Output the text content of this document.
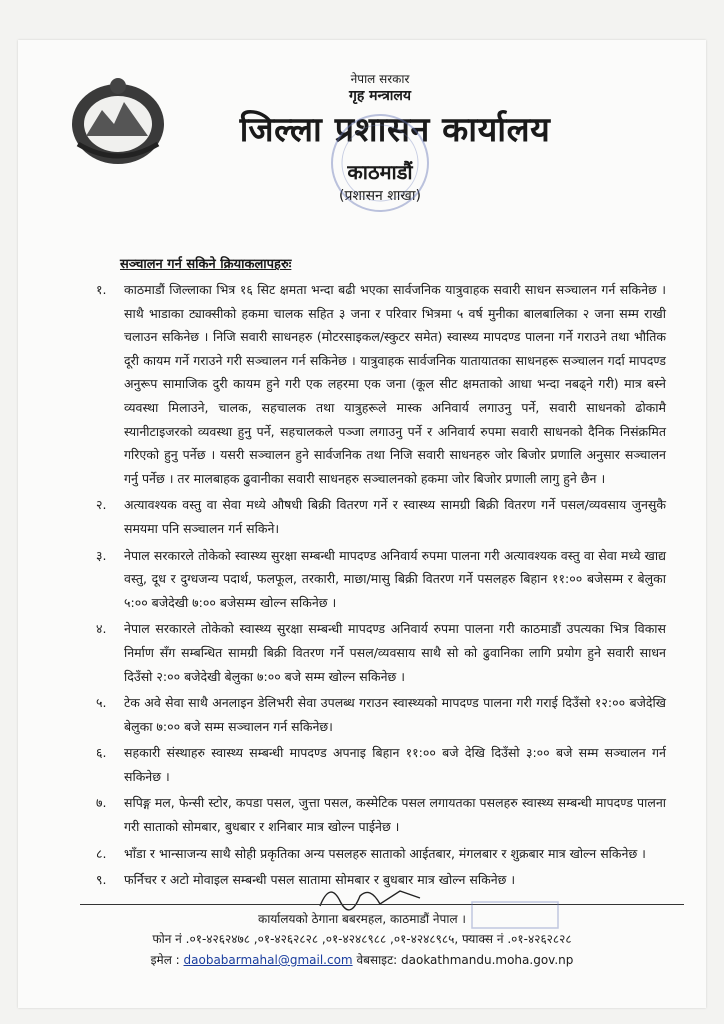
नेपाल सरकार
गृह मन्त्रालय
जिल्ला प्रशासन कार्यालय
काठमाडौं
(प्रशासन शाखा)
सञ्चालन गर्न सकिने क्रियाकलापहरुः
१.	काठमाडौं जिल्लाका भित्र १६ सिट क्षमता भन्दा बढी भएका सार्वजनिक यात्रुवाहक सवारी साधन सञ्चालन गर्न सकिनेछ । साथै भाडाका ट्याक्सीको हकमा चालक सहित ३ जना र परिवार भित्रमा ५ वर्ष मुनीका बालबालिका २ जना सम्म राखी चलाउन सकिनेछ । निजि सवारी साधनहरु (मोटरसाइकल/स्कुटर समेत) स्वास्थ्य मापदण्ड पालना गर्ने गराउने तथा भौतिक दूरी कायम गर्ने गराउने गरी सञ्चालन गर्न सकिनेछ । यात्रुवाहक सार्वजनिक यातायातका साधनहरू सञ्चालन गर्दा मापदण्ड अनुरूप सामाजिक दुरी कायम हुने गरी एक लहरमा एक जना (कूल सीट क्षमताको आधा भन्दा नबढ्ने गरी) मात्र बस्ने व्यवस्था मिलाउने, चालक, सहचालक तथा यात्रुहरूले मास्क अनिवार्य लगाउनु पर्ने, सवारी साधनको ढोकामै स्यानीटाइजरको व्यवस्था हुनु पर्ने, सहचालकले पञ्जा लगाउनु पर्ने र अनिवार्य रुपमा सवारी साधनको दैनिक निसंक्रमित गरिएको हुनु पर्नेछ । यसरी सञ्चालन हुने सार्वजनिक तथा निजि सवारी साधनहरु जोर बिजोर प्रणालि अनुसार सञ्चालन गर्नु पर्नेछ । तर मालबाहक ढुवानीका सवारी साधनहरु सञ्चालनको हकमा जोर बिजोर प्रणाली लागु हुने छैन ।
२.	अत्यावश्यक वस्तु वा सेवा मध्ये औषधी बिक्री वितरण गर्ने र स्वास्थ्य सामग्री बिक्री वितरण गर्ने पसल/व्यवसाय जुनसुकै समयमा पनि सञ्चालन गर्न सकिने।
३.	नेपाल सरकारले तोकेको स्वास्थ्य सुरक्षा सम्बन्धी मापदण्ड अनिवार्य रुपमा पालना गरी अत्यावश्यक वस्तु वा सेवा मध्ये खाद्य वस्तु, दूध र दुग्धजन्य पदार्थ, फलफूल, तरकारी, माछा/मासु बिक्री वितरण गर्ने पसलहरु बिहान ११:०० बजेसम्म र बेलुका ५:०० बजेदेखी ७:०० बजेसम्म खोल्न सकिनेछ ।
४.	नेपाल सरकारले तोकेको स्वास्थ्य सुरक्षा सम्बन्धी मापदण्ड अनिवार्य रुपमा पालना गरी काठमाडौं उपत्यका भित्र विकास निर्माण सँग सम्बन्धित सामग्री बिक्री वितरण गर्ने पसल/व्यवसाय साथै सो को ढुवानिका लागि प्रयोग हुने सवारी साधन दिउँसो २:०० बजेदेखी बेलुका ७:०० बजे सम्म खोल्न सकिनेछ ।
५.	टेक अवे सेवा साथै अनलाइन डेलिभरी सेवा उपलब्ध गराउन स्वास्थ्यको मापदण्ड पालना गरी गराई दिउँसो १२:०० बजेदेखि बेलुका ७:०० बजे सम्म सञ्चालन गर्न सकिनेछ।
६.	सहकारी संस्थाहरु स्वास्थ्य सम्बन्धी मापदण्ड अपनाइ बिहान ११:०० बजे देखि दिउँसो ३:०० बजे सम्म सञ्चालन गर्न सकिनेछ ।
७.	सपिङ्ग मल, फेन्सी स्टोर, कपडा पसल, जुत्ता पसल, कस्मेटिक पसल लगायतका पसलहरु स्वास्थ्य सम्बन्धी मापदण्ड पालना गरी साताको सोमबार, बुधबार र शनिबार मात्र खोल्न पाईनेछ ।
८.	भाँडा र भान्साजन्य साथै सोही प्रकृतिका अन्य पसलहरु साताको आईतबार, मंगलबार र शुक्रबार मात्र खोल्न सकिनेछ ।
९.	फर्निचर र अटो मोवाइल सम्बन्धी पसल सातामा सोमबार र बुधबार मात्र खोल्न सकिनेछ ।
कार्यालयको ठेगाना बबरमहल, काठमाडौं नेपाल ।
फोन नं .०१-४२६२४७८ ,०१-४२६२८२८ ,०१-४२४८९८८ ,०१-४२४८९८५, फ्याक्स नं .०१-४२६२८२८
इमेल : daobabarmahal@gmail.com वेबसाइट: daokathmandu.moha.gov.np
